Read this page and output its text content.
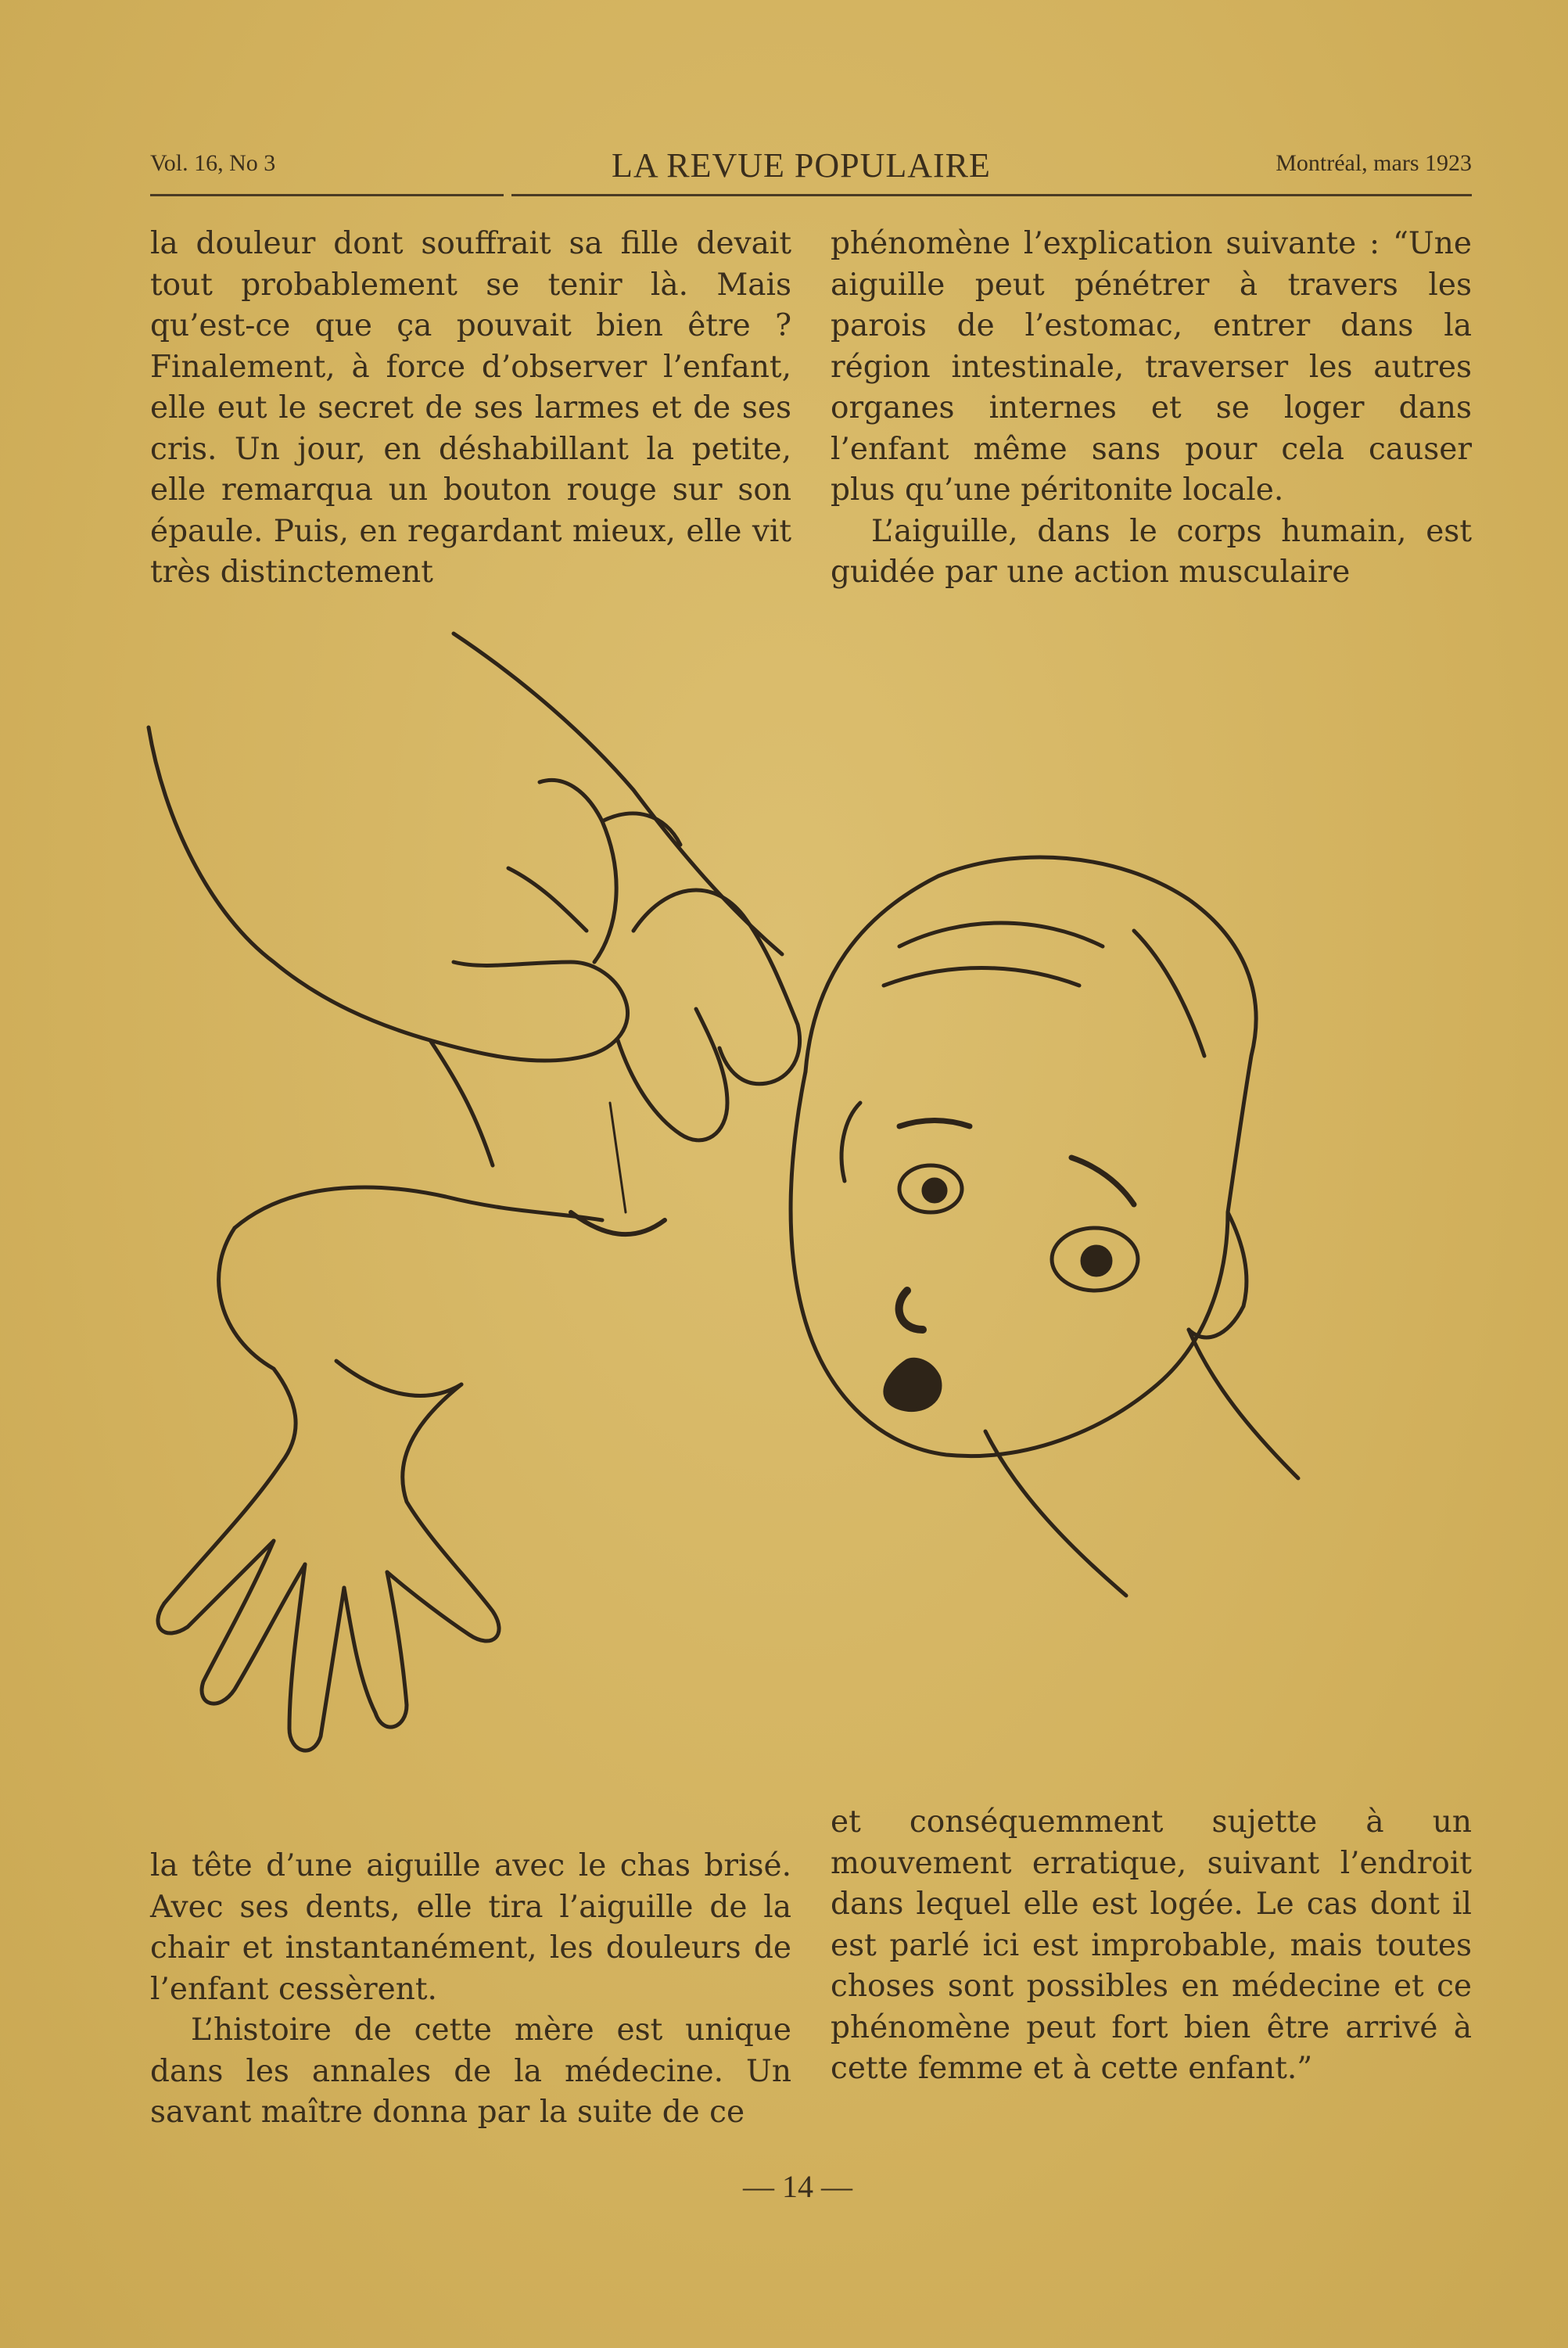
Vol. 16, No 3	LA REVUE POPULAIRE	Montréal, mars 1923

la douleur dont souffrait sa fille devait tout probablement se tenir là. Mais qu’est-ce que ça pouvait bien être ? Finalement, à force d’observer l’enfant, elle eut le secret de ses larmes et de ses cris. Un jour, en déshabillant la petite, elle remarqua un bouton rouge sur son épaule. Puis, en regardant mieux, elle vit très distinctement

phénomène l’explication suivante : “Une aiguille peut pénétrer à travers les parois de l’estomac, entrer dans la région intestinale, traverser les autres organes internes et se loger dans l’enfant même sans pour cela causer plus qu’une péritonite locale.

L’aiguille, dans le corps humain, est guidée par une action musculaire

la tête d’une aiguille avec le chas brisé. Avec ses dents, elle tira l’aiguille de la chair et instantanément, les douleurs de l’enfant cessèrent.

L’histoire de cette mère est unique dans les annales de la médecine. Un savant maître donna par la suite de ce

et conséquemment sujette à un mouvement erratique, suivant l’endroit dans lequel elle est logée. Le cas dont il est parlé ici est improbable, mais toutes choses sont possibles en médecine et ce phénomène peut fort bien être arrivé à cette femme et à cette enfant.”

— 14 —
